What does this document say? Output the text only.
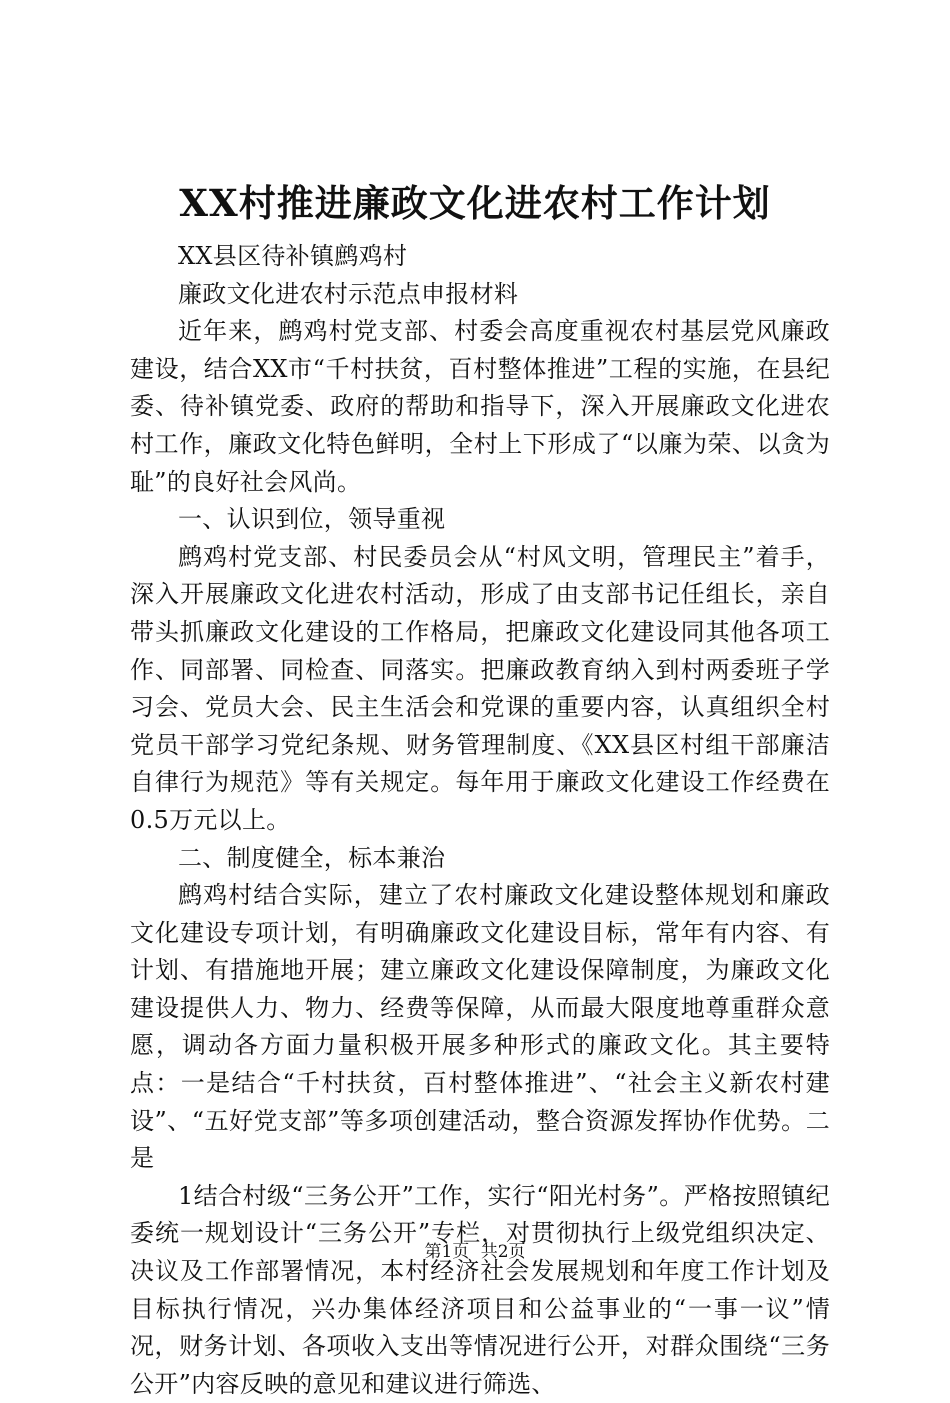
XX村推进廉政文化进农村工作计划

XX县区待补镇鹧鸡村

廉政文化进农村示范点申报材料

近年来，鹧鸡村党支部、村委会高度重视农村基层党风廉政建设，结合XX市“千村扶贫，百村整体推进”工程的实施，在县纪委、待补镇党委、政府的帮助和指导下，深入开展廉政文化进农村工作，廉政文化特色鲜明，全村上下形成了“以廉为荣、以贪为耻”的良好社会风尚。

一、认识到位，领导重视

鹧鸡村党支部、村民委员会从“村风文明，管理民主”着手，深入开展廉政文化进农村活动，形成了由支部书记任组长，亲自带头抓廉政文化建设的工作格局，把廉政文化建设同其他各项工作、同部署、同检查、同落实。把廉政教育纳入到村两委班子学习会、党员大会、民主生活会和党课的重要内容，认真组织全村党员干部学习党纪条规、财务管理制度、《XX县区村组干部廉洁自律行为规范》等有关规定。每年用于廉政文化建设工作经费在0.5万元以上。

二、制度健全，标本兼治

鹧鸡村结合实际，建立了农村廉政文化建设整体规划和廉政文化建设专项计划，有明确廉政文化建设目标，常年有内容、有计划、有措施地开展；建立廉政文化建设保障制度，为廉政文化建设提供人力、物力、经费等保障，从而最大限度地尊重群众意愿，调动各方面力量积极开展多种形式的廉政文化。其主要特点：一是结合“千村扶贫，百村整体推进”、“社会主义新农村建设”、“五好党支部”等多项创建活动，整合资源发挥协作优势。二是

1结合村级“三务公开”工作，实行“阳光村务”。严格按照镇纪委统一规划设计“三务公开”专栏，对贯彻执行上级党组织决定、决议及工作部署情况，本村经济社会发展规划和年度工作计划及目标执行情况，兴办集体经济项目和公益事业的“一事一议”情况，财务计划、各项收入支出等情况进行公开，对群众围绕“三务公开”内容反映的意见和建议进行筛选、

第1页 共2页
